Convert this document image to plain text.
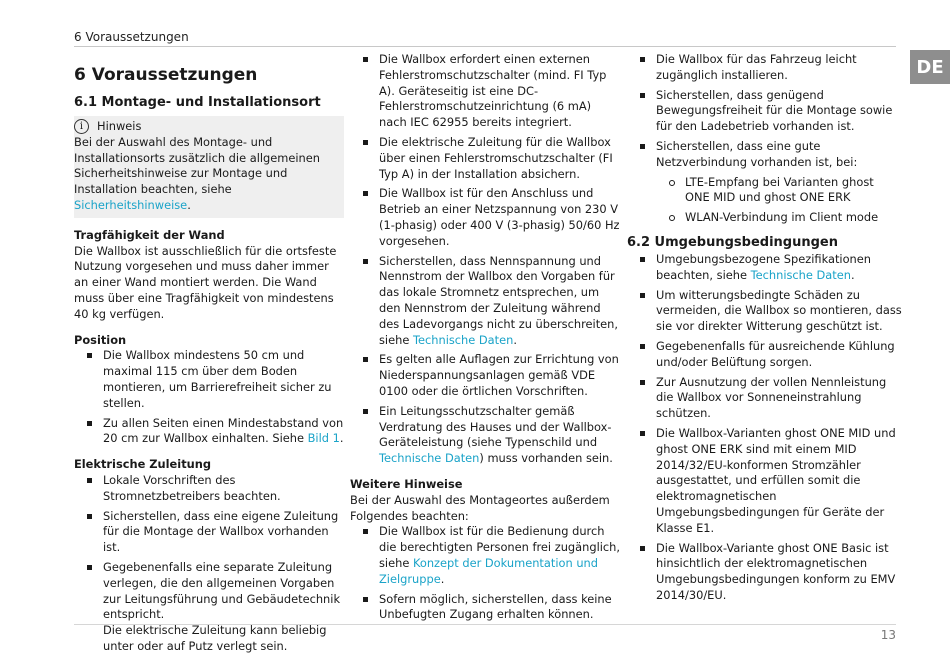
6 Voraussetzungen
DE
6 Voraussetzungen
6.1 Montage- und Installationsort
i	Hinweis

Bei der Auswahl des Montage- und Installationsorts zusätzlich die allgemeinen Sicherheitshinweise zur Montage und Installation beachten, siehe Sicherheitshinweise.

Tragfähigkeit der Wand

Die Wallbox ist ausschließlich für die ortsfeste Nutzung vorgesehen und muss daher immer an einer Wand montiert werden. Die Wand muss über eine Tragfähigkeit von mindestens 40 kg verfügen.

Position
Die Wallbox mindestens 50 cm und maximal 115 cm über dem Boden montieren, um Barrierefreiheit sicher zu stellen.
Zu allen Seiten einen Mindestabstand von 20 cm zur Wallbox einhalten. Siehe Bild 1.
Elektrische Zuleitung
Lokale Vorschriften des Stromnetzbetreibers beachten.
Sicherstellen, dass eine eigene Zuleitung für die Montage der Wallbox vorhanden ist.
Gegebenenfalls eine separate Zuleitung verlegen, die den allgemeinen Vorgaben zur Leitungsführung und Gebäudetechnik entspricht.
Die elektrische Zuleitung kann beliebig unter oder auf Putz verlegt sein.
Die Wallbox erfordert einen externen Fehlerstromschutzschalter (mind. FI Typ A). Geräteseitig ist eine DC-Fehlerstromschutzeinrichtung (6 mA) nach IEC 62955 bereits integriert.
Die elektrische Zuleitung für die Wallbox über einen Fehlerstromschutzschalter (FI Typ A) in der Installation absichern.
Die Wallbox ist für den Anschluss und Betrieb an einer Netzspannung von 230 V (1-phasig) oder 400 V (3-phasig) 50/60 Hz vorgesehen.
Sicherstellen, dass Nennspannung und Nennstrom der Wallbox den Vorgaben für das lokale Stromnetz entsprechen, um den Nennstrom der Zuleitung während des Ladevorgangs nicht zu überschreiten, siehe Technische Daten.
Es gelten alle Auflagen zur Errichtung von Niederspannungsanlagen gemäß VDE 0100 oder die örtlichen Vorschriften.
Ein Leitungsschutzschalter gemäß Verdratung des Hauses und der Wallbox-Geräteleistung (siehe Typenschild und Technische Daten) muss vorhanden sein.
Weitere Hinweise

Bei der Auswahl des Montageortes außerdem Folgendes beachten:

Die Wallbox ist für die Bedienung durch die berechtigten Personen frei zugänglich, siehe Konzept der Dokumentation und Zielgruppe.
Sofern möglich, sicherstellen, dass keine Unbefugten Zugang erhalten können.
Die Wallbox für das Fahrzeug leicht zugänglich installieren.
Sicherstellen, dass genügend Bewegungsfreiheit für die Montage sowie für den Ladebetrieb vorhanden ist.
Sicherstellen, dass eine gute Netzverbindung vorhanden ist, bei:
LTE-Empfang bei Varianten ghost ONE MID und ghost ONE ERK
WLAN-Verbindung im Client mode
6.2 Umgebungsbedingungen
Umgebungsbezogene Spezifikationen beachten, siehe Technische Daten.
Um witterungsbedingte Schäden zu vermeiden, die Wallbox so montieren, dass sie vor direkter Witterung geschützt ist.
Gegebenenfalls für ausreichende Kühlung und/oder Belüftung sorgen.
Zur Ausnutzung der vollen Nennleistung die Wallbox vor Sonneneinstrahlung schützen.
Die Wallbox-Varianten ghost ONE MID und ghost ONE ERK sind mit einem MID 2014/32/EU-konformen Stromzähler ausgestattet, und erfüllen somit die elektromagnetischen Umgebungsbedingungen für Geräte der Klasse E1.
Die Wallbox-Variante ghost ONE Basic ist hinsichtlich der elektromagnetischen Umgebungsbedingungen konform zu EMV 2014/30/EU.
13
